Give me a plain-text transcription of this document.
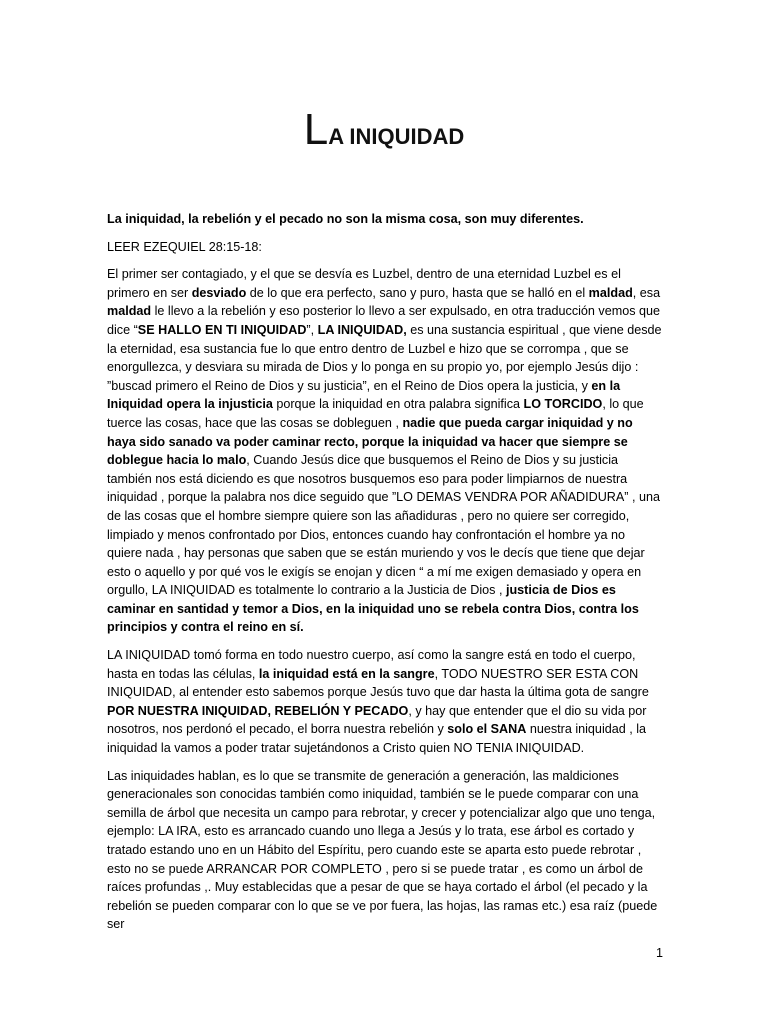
LA INIQUIDAD

La iniquidad, la rebelión y el pecado no son la misma cosa, son muy diferentes.

LEER EZEQUIEL 28:15-18:

El primer ser contagiado, y el que se desvía es Luzbel, dentro de una eternidad Luzbel es el primero en ser desviado de lo que era perfecto, sano y puro, hasta que se halló en el maldad, esa maldad le llevo a la rebelión y eso posterior lo llevo a ser expulsado, en otra traducción vemos que dice “SE HALLO EN TI INIQUIDAD”, LA INIQUIDAD, es una sustancia espiritual , que viene desde la eternidad, esa sustancia fue lo que entro dentro de Luzbel e hizo que se corrompa , que se enorgullezca, y desviara su mirada de Dios y lo ponga en su propio yo, por ejemplo Jesús dijo : ”buscad primero el Reino de Dios y su justicia”, en el Reino de Dios opera la justicia, y en la Iniquidad opera la injusticia porque la iniquidad en otra palabra significa LO TORCIDO, lo que tuerce las cosas, hace que las cosas se dobleguen , nadie que pueda cargar iniquidad y no haya sido sanado va poder caminar recto, porque la iniquidad va hacer que siempre se doblegue hacia lo malo, Cuando Jesús dice que busquemos el Reino de Dios y su justicia también nos está diciendo es que nosotros busquemos eso para poder limpiarnos de nuestra iniquidad , porque la palabra nos dice seguido que ”LO DEMAS VENDRA POR AÑADIDURA” , una de las cosas que el hombre siempre quiere son las añadiduras , pero no quiere ser corregido, limpiado y menos confrontado por Dios, entonces cuando hay confrontación el hombre ya no quiere nada , hay personas que saben que se están muriendo y vos le decís que tiene que dejar esto o aquello y por qué vos le exigís se enojan y dicen “ a mí me exigen demasiado y opera en orgullo, LA INIQUIDAD es totalmente lo contrario a la Justicia de Dios , justicia de Dios es caminar en santidad y temor a Dios, en la iniquidad uno se rebela contra Dios, contra los principios y contra el reino en sí.

LA INIQUIDAD tomó forma en todo nuestro cuerpo, así como la sangre está en todo el cuerpo, hasta en todas las células, la iniquidad está en la sangre, TODO NUESTRO SER ESTA CON INIQUIDAD, al entender esto sabemos porque Jesús tuvo que dar hasta la última gota de sangre POR NUESTRA INIQUIDAD, REBELIÓN Y PECADO, y hay que entender que el dio su vida por nosotros, nos perdonó el pecado, el borra nuestra rebelión y solo el SANA nuestra iniquidad , la iniquidad la vamos a poder tratar sujetándonos a Cristo quien NO TENIA INIQUIDAD.

Las iniquidades hablan, es lo que se transmite de generación a generación, las maldiciones generacionales son conocidas también como iniquidad, también se le puede comparar con una semilla de árbol que necesita un campo para rebrotar, y crecer y potencializar algo que uno tenga, ejemplo: LA IRA, esto es arrancado cuando uno llega a Jesús y lo trata, ese árbol es cortado y tratado estando uno en un Hábito del Espíritu, pero cuando este se aparta esto puede rebrotar , esto no se puede ARRANCAR POR COMPLETO , pero si se puede tratar , es como un árbol de raíces profundas ,. Muy establecidas que a pesar de que se haya cortado el árbol (el pecado y la rebelión se pueden comparar con lo que se ve por fuera, las hojas, las ramas etc.) esa raíz (puede ser

1
